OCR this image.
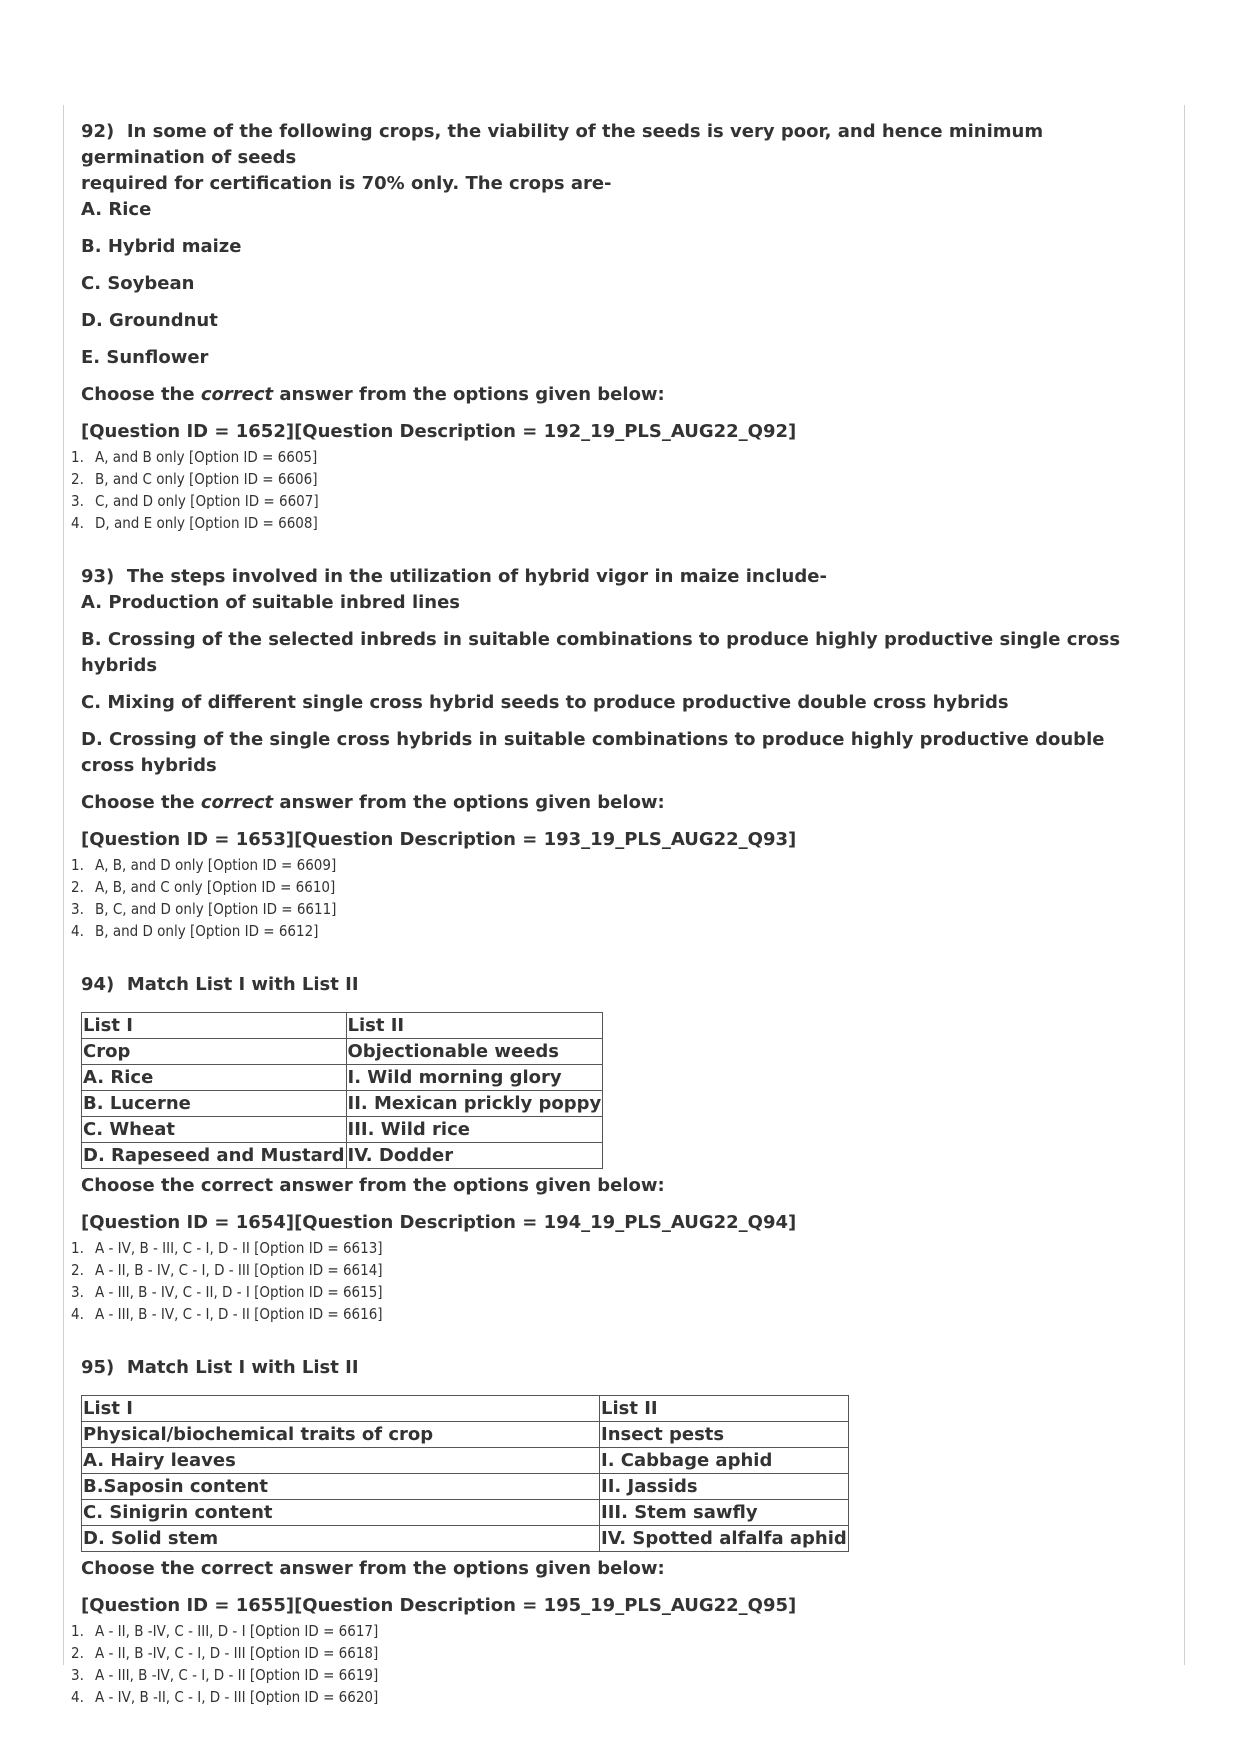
92) In some of the following crops, the viability of the seeds is very poor, and hence minimum germination of seeds
required for certification is 70% only. The crops are-

A. Rice

B. Hybrid maize

C. Soybean

D. Groundnut

E. Sunflower

Choose the correct answer from the options given below:

[Question ID = 1652][Question Description = 192_19_PLS_AUG22_Q92]

1. A, and B only [Option ID = 6605]
2. B, and C only [Option ID = 6606]
3. C, and D only [Option ID = 6607]
4. D, and E only [Option ID = 6608]

93) The steps involved in the utilization of hybrid vigor in maize include-

A. Production of suitable inbred lines

B. Crossing of the selected inbreds in suitable combinations to produce highly productive single cross hybrids

C. Mixing of different single cross hybrid seeds to produce productive double cross hybrids

D. Crossing of the single cross hybrids in suitable combinations to produce highly productive double cross hybrids

Choose the correct answer from the options given below:

[Question ID = 1653][Question Description = 193_19_PLS_AUG22_Q93]

1. A, B, and D only [Option ID = 6609]
2. A, B, and C only [Option ID = 6610]
3. B, C, and D only [Option ID = 6611]
4. B, and D only [Option ID = 6612]

94) Match List I with List II

List I	List II
Crop	Objectionable weeds
A. Rice	I. Wild morning glory
B. Lucerne	II. Mexican prickly poppy
C. Wheat	III. Wild rice
D. Rapeseed and Mustard	IV. Dodder

Choose the correct answer from the options given below:

[Question ID = 1654][Question Description = 194_19_PLS_AUG22_Q94]

1. A - IV, B - III, C - I, D - II [Option ID = 6613]
2. A - II, B - IV, C - I, D - III [Option ID = 6614]
3. A - III, B - IV, C - II, D - I [Option ID = 6615]
4. A - III, B - IV, C - I, D - II [Option ID = 6616]

95) Match List I with List II

List I	List II
Physical/biochemical traits of crop	Insect pests
A. Hairy leaves	I. Cabbage aphid
B.Saposin content	II. Jassids
C. Sinigrin content	III. Stem sawfly
D. Solid stem	IV. Spotted alfalfa aphid

Choose the correct answer from the options given below:

[Question ID = 1655][Question Description = 195_19_PLS_AUG22_Q95]

1. A - II, B -IV, C - III, D - I [Option ID = 6617]
2. A - II, B -IV, C - I, D - III [Option ID = 6618]
3. A - III, B -IV, C - I, D - II [Option ID = 6619]
4. A - IV, B -II, C - I, D - III [Option ID = 6620]
